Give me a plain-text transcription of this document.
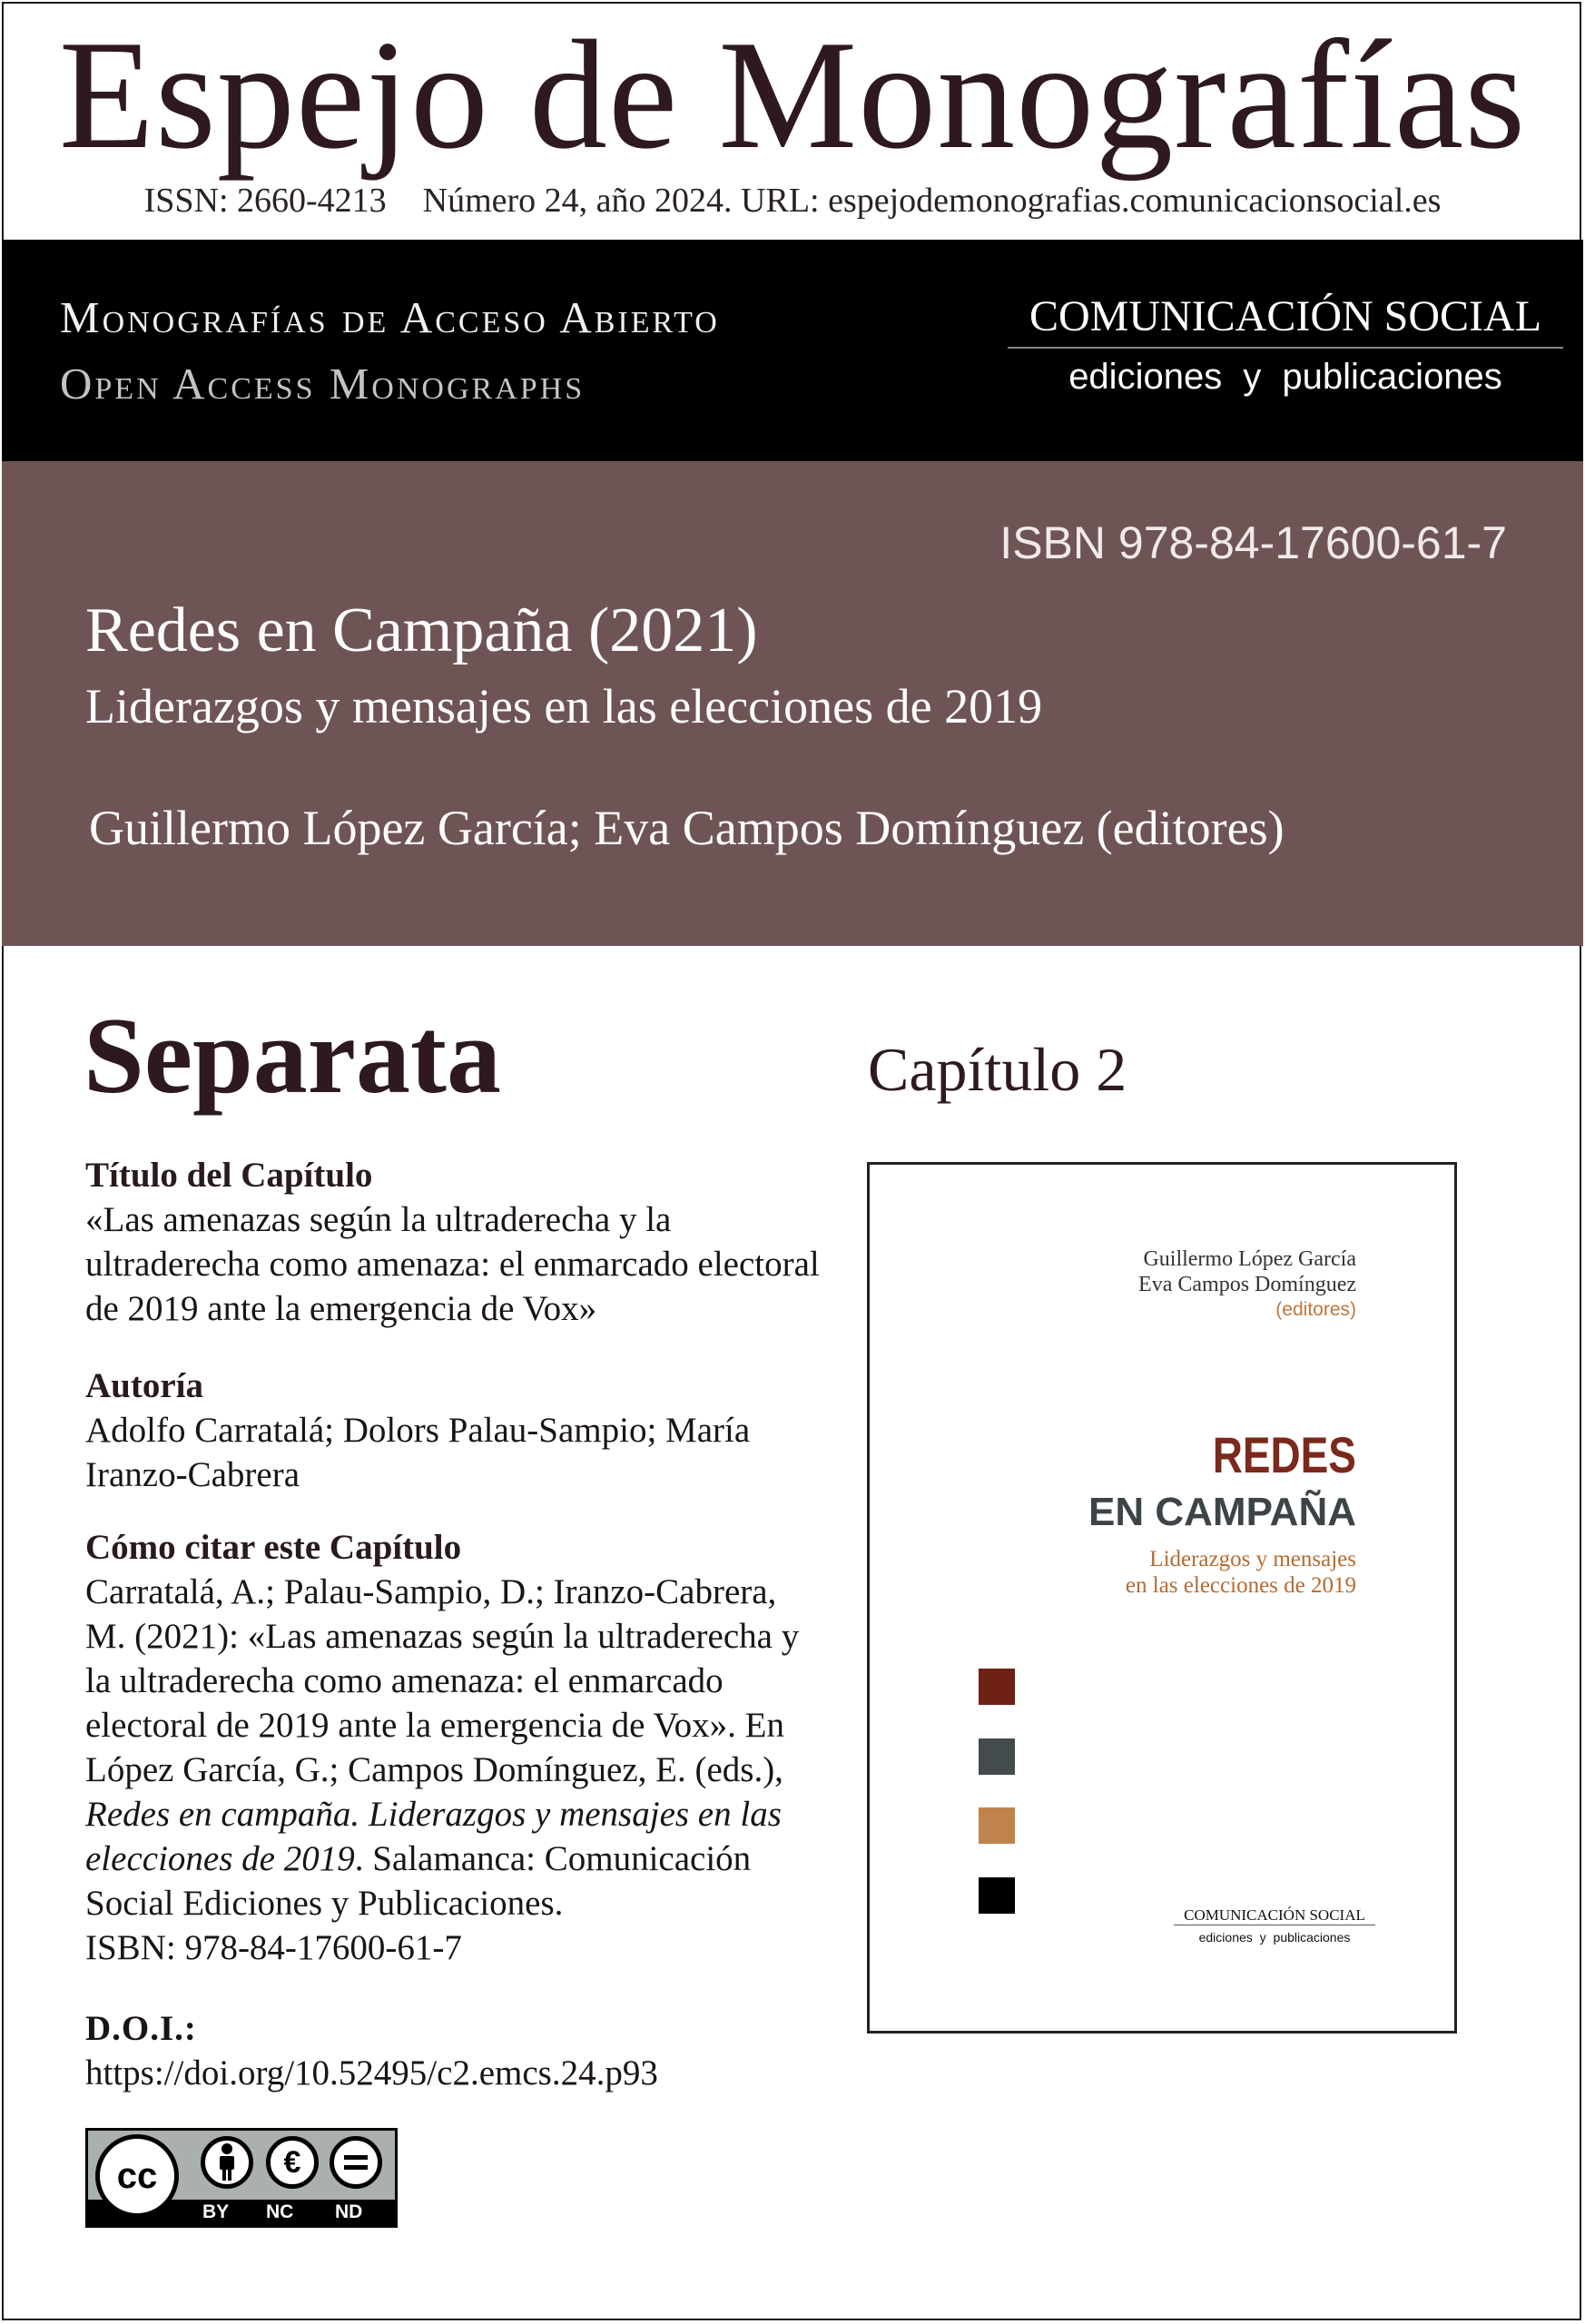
Espejo de Monografías
ISSN: 2660-4213 Número 24, año 2024. URL: espejodemonografias.comunicacionsocial.es
Monografías de Acceso Abierto
Open Access Monographs
COMUNICACIÓN SOCIAL
ediciones y publicaciones
ISBN 978-84-17600-61-7
Redes en Campaña (2021)
Liderazgos y mensajes en las elecciones de 2019
Guillermo López García; Eva Campos Domínguez (editores)
Separata	Capítulo 2

Título del Capítulo

«Las amenazas según la ultraderecha y la ultraderecha como amenaza: el enmarcado electoral de 2019 ante la emergencia de Vox»

Autoría

Adolfo Carratalá; Dolors Palau-Sampio; María Iranzo-Cabrera

Cómo citar este Capítulo

Carratalá, A.; Palau-Sampio, D.; Iranzo-Cabrera, M. (2021): «Las amenazas según la ultraderecha y la ultraderecha como amenaza: el enmarcado electoral de 2019 ante la emergencia de Vox». En López García, G.; Campos Domínguez, E. (eds.), Redes en campaña. Liderazgos y mensajes en las elecciones de 2019. Salamanca: Comunicación Social Ediciones y Publicaciones.

ISBN: 978-84-17600-61-7

D.O.I.:

https://doi.org/10.52495/c2.emcs.24.p93

Guillermo López García
Eva Campos Domínguez
(editores)
REDES
EN CAMPAÑA
Liderazgos y mensajes
en las elecciones de 2019
COMUNICACIÓN SOCIAL
ediciones y publicaciones
cc	€
BY NC ND
